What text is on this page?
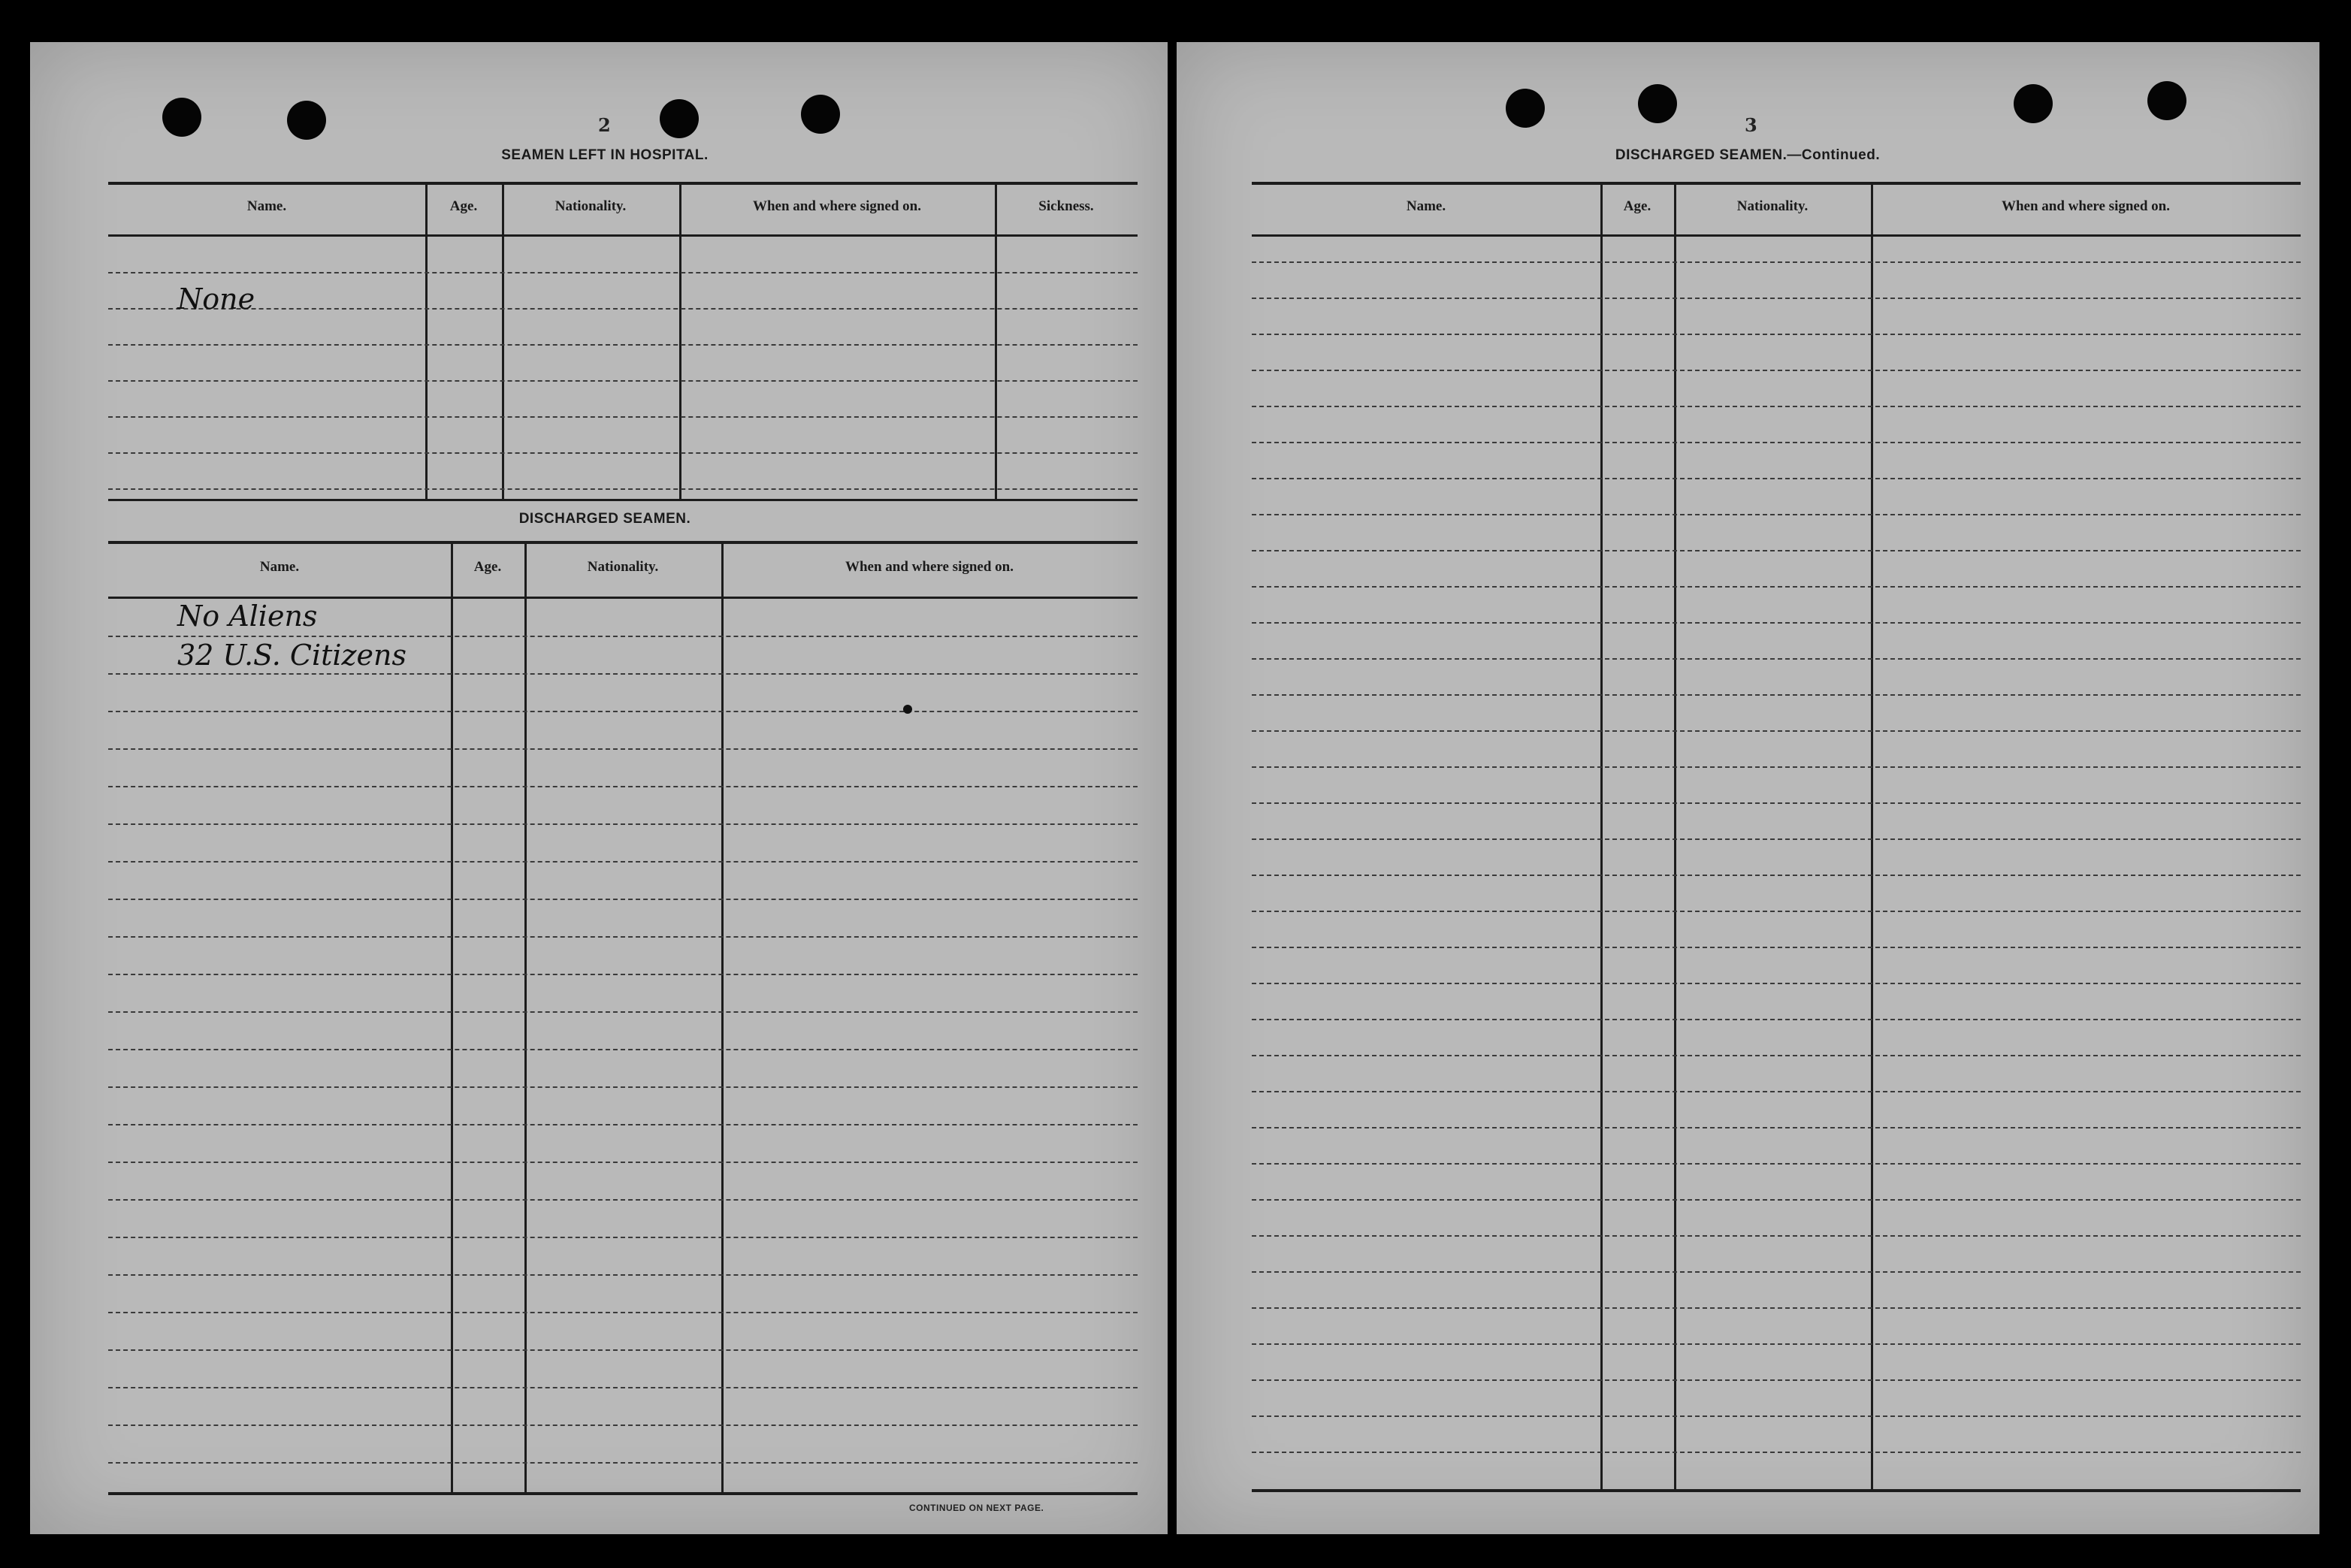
2
SEAMEN LEFT IN HOSPITAL.
Name.	Age.	Nationality.	When and where signed on.	Sickness.
None
DISCHARGED SEAMEN.
Name.	Age.	Nationality.	When and where signed on.
No Aliens
32 U.S. Citizens
CONTINUED ON NEXT PAGE.
3
DISCHARGED SEAMEN.—Continued.
Name.	Age.	Nationality.	When and where signed on.
